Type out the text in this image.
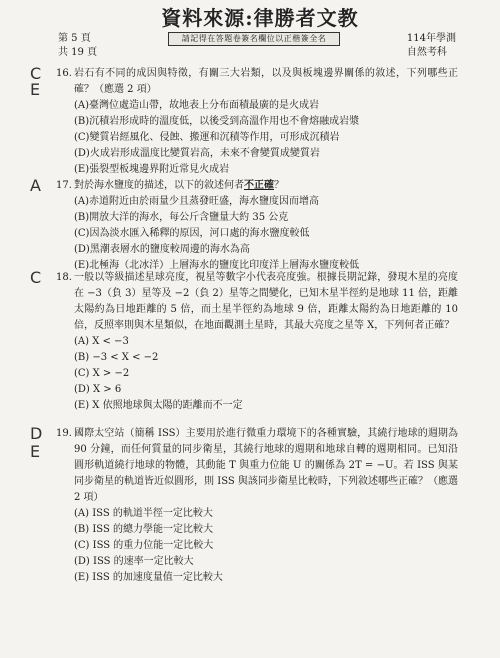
資料來源:律勝者文教
第 5 頁
共 19 頁
請記得在答題卷簽名欄位以正楷簽全名	114年學測
自然考科
C
E
A
C
D
E
16. 岩石有不同的成因與特徵，有關三大岩類，以及與板塊邊界關係的敘述，下列哪些正確？（應選 2 項）
(A)臺灣位處造山帶，故地表上分布面積最廣的是火成岩
(B)沉積岩形成時的溫度低，以後受到高溫作用也不會熔融成岩漿
(C)變質岩經風化、侵蝕、搬運和沉積等作用，可形成沉積岩
(D)火成岩形成溫度比變質岩高，未來不會變質成變質岩
(E)張裂型板塊邊界附近常見火成岩
17. 對於海水鹽度的描述，以下的敘述何者不正確？
(A)赤道附近由於雨量少且蒸發旺盛，海水鹽度因而增高
(B)開放大洋的海水，每公斤含鹽量大約 35 公克
(C)因為淡水匯入稀釋的原因，河口處的海水鹽度較低
(D)黑潮表層水的鹽度較周邊的海水為高
(E)北極海（北冰洋）上層海水的鹽度比印度洋上層海水鹽度較低
18. 一般以等級描述星球亮度，視星等數字小代表亮度強。根據長期記錄，發現木星的亮度在 −3（負 3）星等及 −2（負 2）星等之間變化，已知木星半徑約是地球 11 倍，距離太陽約為日地距離的 5 倍，而土星半徑約為地球 9 倍，距離太陽約為日地距離的 10 倍，反照率則與木星類似，在地面觀測土星時，其最大亮度之星等 X，下列何者正確？
(A) X < −3
(B) −3 < X < −2
(C) X > −2
(D) X > 6
(E) X 依照地球與太陽的距離而不一定
19. 國際太空站（簡稱 ISS）主要用於進行微重力環境下的各種實驗，其繞行地球的週期為 90 分鐘，而任何質量的同步衛星，其繞行地球的週期和地球自轉的週期相同。已知沿圓形軌道繞行地球的物體，其動能 T 與重力位能 U 的關係為 2T = −U。若 ISS 與某同步衛星的軌道皆近似圓形，則 ISS 與該同步衛星比較時，下列敘述哪些正確？（應選 2 項）
(A) ISS 的軌道半徑一定比較大
(B) ISS 的總力學能一定比較大
(C) ISS 的重力位能一定比較大
(D) ISS 的速率一定比較大
(E) ISS 的加速度量值一定比較大
